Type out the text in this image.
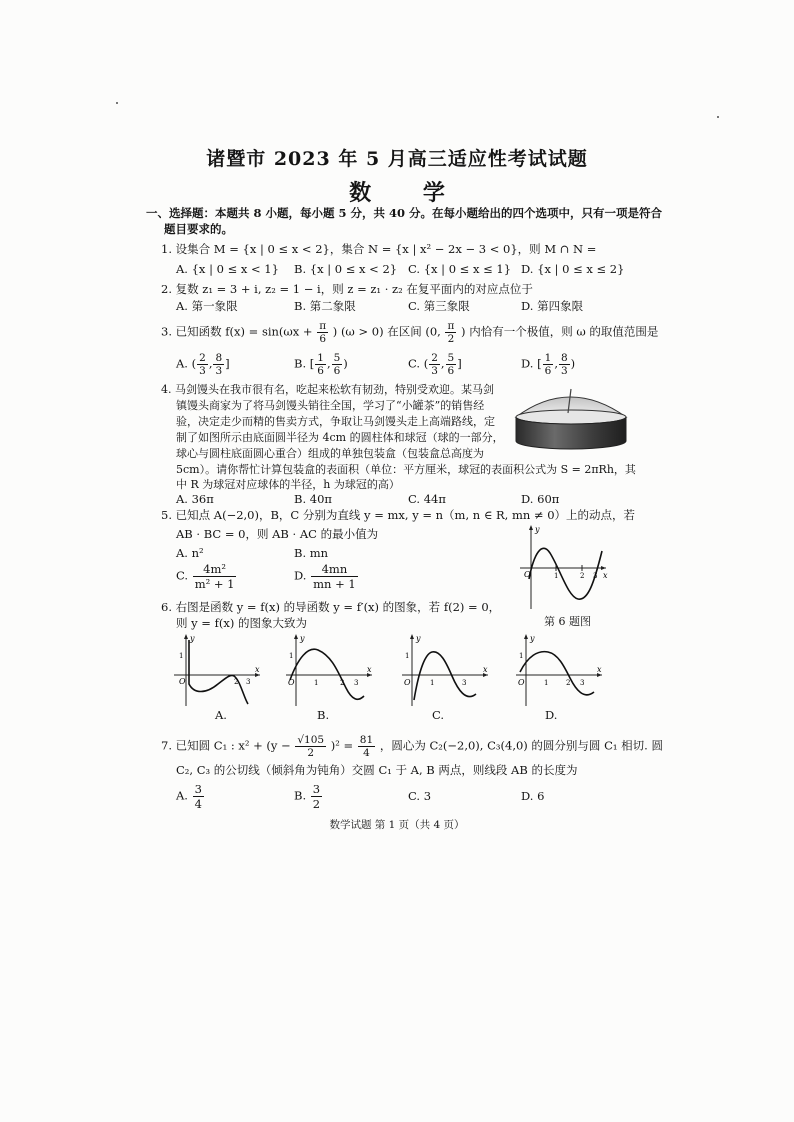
诸暨市 2023 年 5 月高三适应性考试试题
数 学
一、选择题：本题共 8 小题，每小题 5 分，共 40 分。在每小题给出的四个选项中，只有一项是符合
题目要求的。
1. 设集合 M = {x | 0 ≤ x < 2}，集合 N = {x | x² − 2x − 3 < 0}，则 M ∩ N =
A. {x | 0 ≤ x < 1} B. {x | 0 ≤ x < 2} C. {x | 0 ≤ x ≤ 1} D. {x | 0 ≤ x ≤ 2}
2. 复数 z₁ = 3 + i, z₂ = 1 − i，则 z = z₁ · z₂ 在复平面内的对应点位于
A. 第一象限	B. 第二象限	C. 第三象限	D. 第四象限
3. 已知函数 $f(x) = \sin(\omega x + \frac{\pi}{6}$ ) (ω > 0) 在区间 (0, $\frac{\pi}{2}$ ) 内恰有一个极值，则 ω 的取值范围是
A. ( $\frac{2}{3}$ , $\frac{8}{3}$ ]	B. [ $\frac{1}{6}$ , $\frac{5}{6}$ )	C. ( $\frac{2}{3}$ , $\frac{5}{6}$ ]	D. [ $\frac{1}{6}$ , $\frac{8}{3}$ )
4. 马剑馒头在我市很有名，吃起来松软有韧劲，特别受欢迎。某马剑
镇馒头商家为了将马剑馒头销往全国，学习了“小罐茶”的销售经
验，决定走少而精的售卖方式，争取让马剑馒头走上高端路线，定
制了如图所示由底面圆半径为 4cm 的圆柱体和球冠（球的一部分，
球心与圆柱底面圆心重合）组成的单独包装盒（包装盒总高度为
5cm）。请你帮忙计算包装盒的表面积（单位：平方厘米，球冠的表面积公式为 S = 2πRh，其
中 R 为球冠对应球体的半径，h 为球冠的高）
A. 36π	B. 40π	C. 44π	D. 60π
5. 已知点 A(−2,0)，B，C 分别为直线 y = mx, y = n（m, n ∈ R, mn ≠ 0）上的动点，若
AB · BC = 0，则 AB · AC 的最小值为
A. n²	B. mn
C. $\frac{\text{4m²}}{\text{m² + 1}}$	D. $\frac{4mn}{mn + 1}$
y
x
O	1	2 3
第 6 题图
6. 右图是函数 y = f(x) 的导函数 y = f′(x) 的图象，若 f(2) = 0，
则 y = f(x) 的图象大致为
y
1
O	2 3
x
A.
y
1
O	1	2 3
x
B.
y
1
O	1	3
x
C.
y
1
O	1	2 3
x
D.
7. 已知圆 C₁ : $x^2 + (y - \frac{√105}{2} )^2 = \frac{81}{4}$ ，圆心为 C₂(−2,0), C₃(4,0) 的圆分别与圆 C₁ 相切. 圆
C₂, C₃ 的公切线（倾斜角为钝角）交圆 C₁ 于 A, B 两点，则线段 AB 的长度为
A. $\frac{3}{4}$	B. $\frac{3}{2}$	C. 3	D. 6
数学试题 第 1 页（共 4 页）
